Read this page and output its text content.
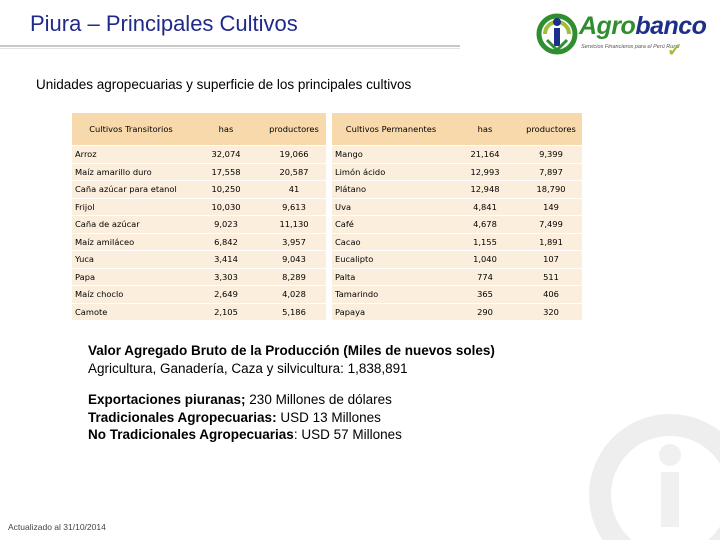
Piura – Principales Cultivos	Agrobanco
Servicios Financieros para el Perú Rural
✓
Unidades agropecuarias y superficie de los principales cultivos
Cultivos Transitorios	has	productores		Cultivos Permanentes	has	productores
Arroz	32,074	19,066		Mango	21,164	9,399
Maíz amarillo duro	17,558	20,587		Limón ácido	12,993	7,897
Caña azúcar para etanol	10,250	41		Plátano	12,948	18,790
Frijol	10,030	9,613		Uva	4,841	149
Caña de azúcar	9,023	11,130		Café	4,678	7,499
Maíz amiláceo	6,842	3,957		Cacao	1,155	1,891
Yuca	3,414	9,043		Eucalipto	1,040	107
Papa	3,303	8,289		Palta	774	511
Maíz choclo	2,649	4,028		Tamarindo	365	406
Camote	2,105	5,186		Papaya	290	320
Valor Agregado Bruto de la Producción (Miles de nuevos soles)
Agricultura, Ganadería, Caza y silvicultura: 1,838,891
Exportaciones piuranas; 230 Millones de dólares
Tradicionales Agropecuarias: USD 13 Millones
No Tradicionales Agropecuarias: USD 57 Millones
Actualizado al 31/10/2014
